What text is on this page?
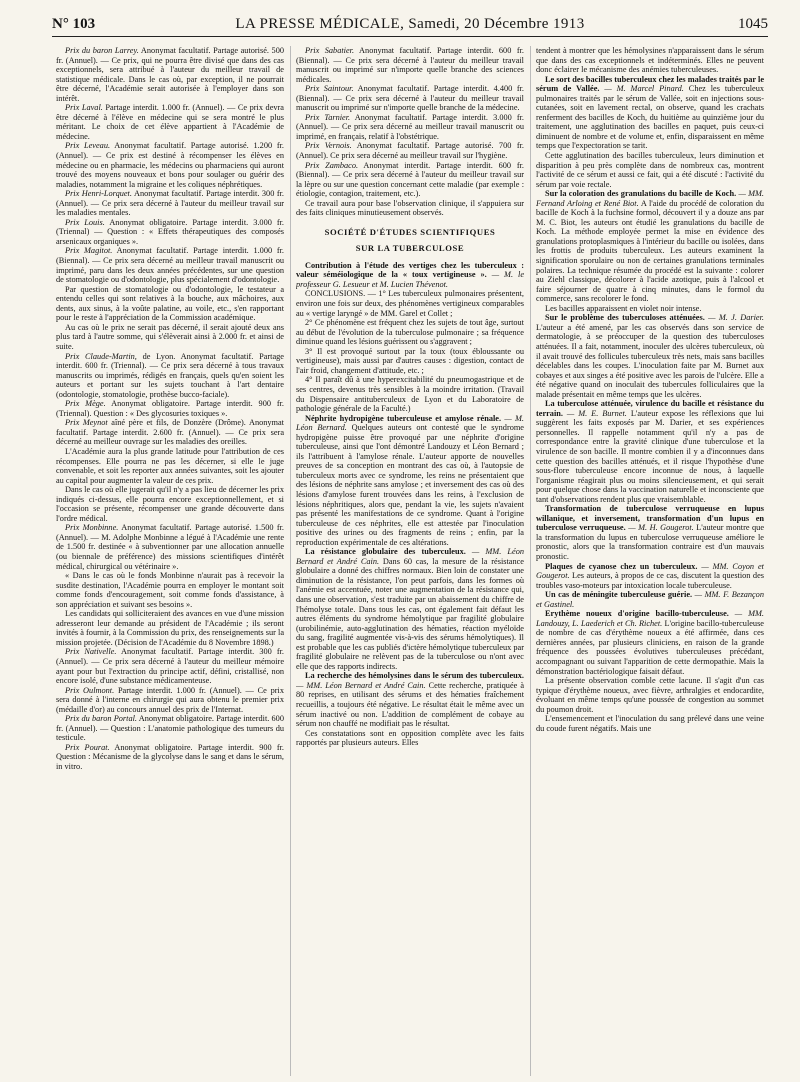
N° 103	LA PRESSE MÉDICALE, Samedi, 20 Décembre 1913	1045

Prix du baron Larrey. Anonymat facultatif. Partage autorisé. 500 fr. (Annuel). — Ce prix, qui ne pourra être divisé que dans des cas exceptionnels, sera attribué à l'auteur du meilleur travail de statistique médicale. Dans le cas où, par exception, il ne pourrait être décerné, l'Académie serait autorisée à l'employer dans son intérêt.

Prix Laval. Partage interdit. 1.000 fr. (Annuel). — Ce prix devra être décerné à l'élève en médecine qui se sera montré le plus méritant. Le choix de cet élève appartient à l'Académie de médecine.

Prix Leveau. Anonymat facultatif. Partage autorisé. 1.200 fr. (Annuel). — Ce prix est destiné à récompenser les élèves en médecine ou en pharmacie, les médecins ou pharmaciens qui auront trouvé des moyens nouveaux et bons pour soulager ou guérir des maladies, notamment la migraine et les coliques néphrétiques.

Prix Henri-Lorquet. Anonymat facultatif. Partage interdit. 300 fr. (Annuel). — Ce prix sera décerné à l'auteur du meilleur travail sur les maladies mentales.

Prix Louis. Anonymat obligatoire. Partage interdit. 3.000 fr. (Triennal) — Question : « Effets thérapeutiques des composés arsenicaux organiques ».

Prix Magitot. Anonymat facultatif. Partage interdit. 1.000 fr. (Biennal). — Ce prix sera décerné au meilleur travail manuscrit ou imprimé, paru dans les deux années précédentes, sur une question de stomatologie ou d'odontologie, plus spécialement d'odontologie.

Par question de stomatologie ou d'odontologie, le testateur a entendu celles qui sont relatives à la bouche, aux mâchoires, aux dents, aux sinus, à la voûte palatine, au voile, etc., s'en rapportant pour le reste à l'appréciation de la Commission académique.

Au cas où le prix ne serait pas décerné, il serait ajouté deux ans plus tard à l'autre somme, qui s'élèverait ainsi à 2.000 fr. et ainsi de suite.

Prix Claude-Martin, de Lyon. Anonymat facultatif. Partage interdit. 600 fr. (Triennal). — Ce prix sera décerné à tous travaux manuscrits ou imprimés, rédigés en français, quels qu'en soient les auteurs et portant sur les sujets touchant à l'art dentaire (odontologie, stomatologie, prothèse bucco-faciale).

Prix Mège. Anonymat obligatoire. Partage interdit. 900 fr. (Triennal). Question : « Des glycosuries toxiques ».

Prix Meynot aîné père et fils, de Donzère (Drôme). Anonymat facultatif. Partage interdit. 2.600 fr. (Annuel). — Ce prix sera décerné au meilleur ouvrage sur les maladies des oreilles.

L'Académie aura la plus grande latitude pour l'attribution de ces récompenses. Elle pourra ne pas les décerner, si elle le juge convenable, et soit les reporter aux années suivantes, soit les ajouter au capital pour augmenter la valeur de ces prix.

Dans le cas où elle jugerait qu'il n'y a pas lieu de décerner les prix indiqués ci-dessus, elle pourra encore exceptionnellement, et si l'occasion se présente, récompenser une grande découverte dans l'ordre médical.

Prix Monbinne. Anonymat facultatif. Partage autorisé. 1.500 fr. (Annuel). — M. Adolphe Monbinne a légué à l'Académie une rente de 1.500 fr. destinée « à subventionner par une allocation annuelle (ou biennale de préférence) des missions scientifiques d'intérêt médical, chirurgical ou vétérinaire ».

« Dans le cas où le fonds Monbinne n'aurait pas à recevoir la susdite destination, l'Académie pourra en employer le montant soit comme fonds d'encouragement, soit comme fonds d'assistance, à son appréciation et suivant ses besoins ».

Les candidats qui solliciteraient des avances en vue d'une mission adresseront leur demande au président de l'Académie ; ils seront invités à fournir, à la Commission du prix, des renseignements sur la mission projetée. (Décision de l'Académie du 8 Novembre 1898.)

Prix Nativelle. Anonymat facultatif. Partage interdit. 300 fr. (Annuel). — Ce prix sera décerné à l'auteur du meilleur mémoire ayant pour but l'extraction du principe actif, défini, cristallisé, non encore isolé, d'une substance médicamenteuse.

Prix Oulmont. Partage interdit. 1.000 fr. (Annuel). — Ce prix sera donné à l'interne en chirurgie qui aura obtenu le premier prix (médaille d'or) au concours annuel des prix de l'Internat.

Prix du baron Portal. Anonymat obligatoire. Partage interdit. 600 fr. (Annuel). — Question : L'anatomie pathologique des tumeurs du testicule.

Prix Pourat. Anonymat obligatoire. Partage interdit. 900 fr. Question : Mécanisme de la glycolyse dans le sang et dans le sérum, in vitro.

Prix Sabatier. Anonymat facultatif. Partage interdit. 600 fr. (Biennal). — Ce prix sera décerné à l'auteur du meilleur travail manuscrit ou imprimé sur n'importe quelle branche des sciences médicales.

Prix Saintour. Anonymat facultatif. Partage interdit. 4.400 fr. (Biennal). — Ce prix sera décerné à l'auteur du meilleur travail manuscrit ou imprimé sur n'importe quelle branche de la médecine.

Prix Tarnier. Anonymat facultatif. Partage interdit. 3.000 fr. (Annuel). — Ce prix sera décerné au meilleur travail manuscrit ou imprimé, en français, relatif à l'obstétrique.

Prix Vernois. Anonymat facultatif. Partage autorisé. 700 fr. (Annuel). Ce prix sera décerné au meilleur travail sur l'hygiène.

Prix Zambaco. Anonymat interdit. Partage interdit. 600 fr. (Biennal). — Ce prix sera décerné à l'auteur du meilleur travail sur la lèpre ou sur une question concernant cette maladie (par exemple : étiologie, contagion, traitement, etc.).

Ce travail aura pour base l'observation clinique, il s'appuiera sur des faits cliniques minutieusement observés.

SOCIÉTÉ D'ÉTUDES SCIENTIFIQUES
SUR LA TUBERCULOSE

Contribution à l'étude des vertiges chez les tuberculeux : valeur séméiologique de la « toux vertigineuse ». — M. le professeur G. Lesueur et M. Lucien Thévenot.

CONCLUSIONS. — 1° Les tuberculeux pulmonaires présentent, environ une fois sur deux, des phénomènes vertigineux comparables au « vertige laryngé » de MM. Garel et Collet ;

2° Ce phénomène est fréquent chez les sujets de tout âge, surtout au début de l'évolution de la tuberculose pulmonaire ; sa fréquence diminue quand les lésions guérissent ou s'aggravent ;

3° Il est provoqué surtout par la toux (toux ébloussante ou vertigineuse), mais aussi par d'autres causes : digestion, contact de l'air froid, changement d'attitude, etc. ;

4° Il paraît dû à une hyperexcitabilité du pneumogastrique et de ses centres, devenus très sensibles à la moindre irritation. (Travail du Dispensaire antituberculeux de Lyon et du Laboratoire de pathologie générale de la Faculté.)

Néphrite hydropigène tuberculeuse et amylose rénale. — M. Léon Bernard. Quelques auteurs ont contesté que le syndrome hydropigène puisse être provoqué par une néphrite d'origine tuberculeuse, ainsi que l'ont démontré Landouzy et Léon Bernard ; ils l'attribuent à l'amylose rénale. L'auteur apporte de nouvelles preuves de sa conception en montrant des cas où, à l'autopsie de tuberculeux morts avec ce syndrome, les reins ne présentaient que des lésions de néphrite sans amylose ; et inversement des cas où des lésions d'amylose furent trouvées dans les reins, à l'exclusion de lésions néphritiques, alors que, pendant la vie, les sujets n'avaient pas présenté les manifestations de ce syndrome. Quant à l'origine tuberculeuse de ces néphrites, elle est attestée par l'inoculation positive des urines ou des fragments de reins ; enfin, par la reproduction expérimentale de ces altérations.

La résistance globulaire des tuberculeux. — MM. Léon Bernard et André Cain. Dans 60 cas, la mesure de la résistance globulaire a donné des chiffres normaux. Bien loin de constater une diminution de la résistance, l'on peut parfois, dans les formes où l'anémie est accentuée, noter une augmentation de la résistance qui, dans une observation, s'est traduite par un abaissement du chiffre de l'hémolyse totale. Dans tous les cas, ont également fait défaut les autres éléments du syndrome hémolytique par fragilité globulaire (urobilinémie, auto-agglutination des hématies, réaction myéloïde du sang, fragilité augmentée vis-à-vis des sérums hémolytiques). Il est probable que les cas publiés d'ictère hémolytique tuberculeux par fragilité globulaire ne relèvent pas de la tuberculose ou n'ont avec elle que des rapports indirects.

La recherche des hémolysines dans le sérum des tuberculeux. — MM. Léon Bernard et André Cain. Cette recherche, pratiquée à 80 reprises, en utilisant des sérums et des hématies fraîchement recueillis, a toujours été négative. Le résultat était le même avec un sérum inactivé ou non. L'addition de complément de cobaye au sérum non chauffé ne modifiait pas le résultat.

Ces constatations sont en opposition complète avec les faits rapportés par plusieurs auteurs. Elles

tendent à montrer que les hémolysines n'apparaissent dans le sérum que dans des cas exceptionnels et indéterminés. Elles ne peuvent donc éclairer le mécanisme des anémies tuberculeuses.

Le sort des bacilles tuberculeux chez les malades traités par le sérum de Vallée. — M. Marcel Pinard. Chez les tuberculeux pulmonaires traités par le sérum de Vallée, soit en injections sous-cutanées, soit en lavement rectal, on observe, quand les crachats renferment des bacilles de Koch, du huitième au quinzième jour du traitement, une agglutination des bacilles en paquet, puis ceux-ci diminuent de nombre et de volume et, enfin, disparaissent en même temps que l'expectoration se tarit.

Cette agglutination des bacilles tuberculeux, leurs diminution et disparition à peu près complète dans de nombreux cas, montrent l'activité de ce sérum et aussi ce fait, qui a été discuté : l'activité du sérum par voie rectale.

Sur la coloration des granulations du bacille de Koch. — MM. Fernand Arloing et René Biot. A l'aide du procédé de coloration du bacille de Koch à la fuchsine formol, découvert il y a douze ans par M. C. Biot, les auteurs ont étudié les granulations du bacille de Koch. La méthode employée permet la mise en évidence des granulations protoplasmiques à l'intérieur du bacille ou isolées, dans les frottis de produits tuberculeux. Les auteurs examinent la signification sporulaire ou non de certaines granulations terminales polaires. La technique résumée du procédé est la suivante : colorer au Ziehl classique, décolorer à l'acide azotique, puis à l'alcool et faire séjourner de quatre à cinq minutes, dans le formol du commerce, sans recolorer le fond.

Les bacilles apparaissent en violet noir intense.

Sur le problème des tuberculoses atténuées. — M. J. Darier. L'auteur a été amené, par les cas observés dans son service de dermatologie, à se préoccuper de la question des tuberculoses atténuées. Il a fait, notamment, inoculer des ulcères tuberculeux, où il avait trouvé des follicules tuberculeux très nets, mais sans bacilles décelables dans les coupes. L'inoculation faite par M. Burnet aux cobayes et aux singes a été positive avec les parois de l'ulcère. Elle a été négative quand on inoculait des tubercules folliculaires que la malade présentait en même temps que les ulcères.

La tuberculose atténuée, virulence du bacille et résistance du terrain. — M. E. Burnet. L'auteur expose les réflexions que lui suggèrent les faits exposés par M. Darier, et ses expériences personnelles. Il rappelle notamment qu'il n'y a pas de correspondance entre la gravité clinique d'une tuberculose et la virulence de son bacille. Il montre combien il y a d'inconnues dans cette question des bacilles atténués, et il risque l'hypothèse d'une sous-flore tuberculeuse encore inconnue de nous, à laquelle l'organisme réagirait plus ou moins silencieusement, et qui serait pour quelque chose dans la vaccination naturelle et inconsciente que tant d'observations rendent plus que vraisemblable.

Transformation de tuberculose verruqueuse en lupus willanique, et inversement, transformation d'un lupus en tuberculose verruqueuse. — M. H. Gougerot. L'auteur montre que la transformation du lupus en tuberculose verruqueuse améliore le pronostic, alors que la transformation contraire est d'un mauvais pronostic.

Plaques de cyanose chez un tuberculeux. — MM. Coyon et Gougerot. Les auteurs, à propos de ce cas, discutent la question des troubles vaso-moteurs par intoxication locale tuberculeuse.

Un cas de méningite tuberculeuse guérie. — MM. F. Bezançon et Gastinel.

Erythème noueux d'origine bacillo-tuberculeuse. — MM. Landouzy, L. Laederich et Ch. Richet. L'origine bacillo-tuberculeuse de nombre de cas d'érythème noueux a été affirmée, dans ces dernières années, par plusieurs cliniciens, en raison de la grande fréquence des poussées évolutives tuberculeuses précédant, accompagnant ou suivant l'apparition de cette dermopathie. Mais la démonstration bactériologique faisait défaut.

La présente observation comble cette lacune. Il s'agit d'un cas typique d'érythème noueux, avec fièvre, arthralgies et endocardite, évoluant en même temps qu'une poussée de congestion au sommet du poumon droit.

L'ensemencement et l'inoculation du sang prélevé dans une veine du coude furent négatifs. Mais une
